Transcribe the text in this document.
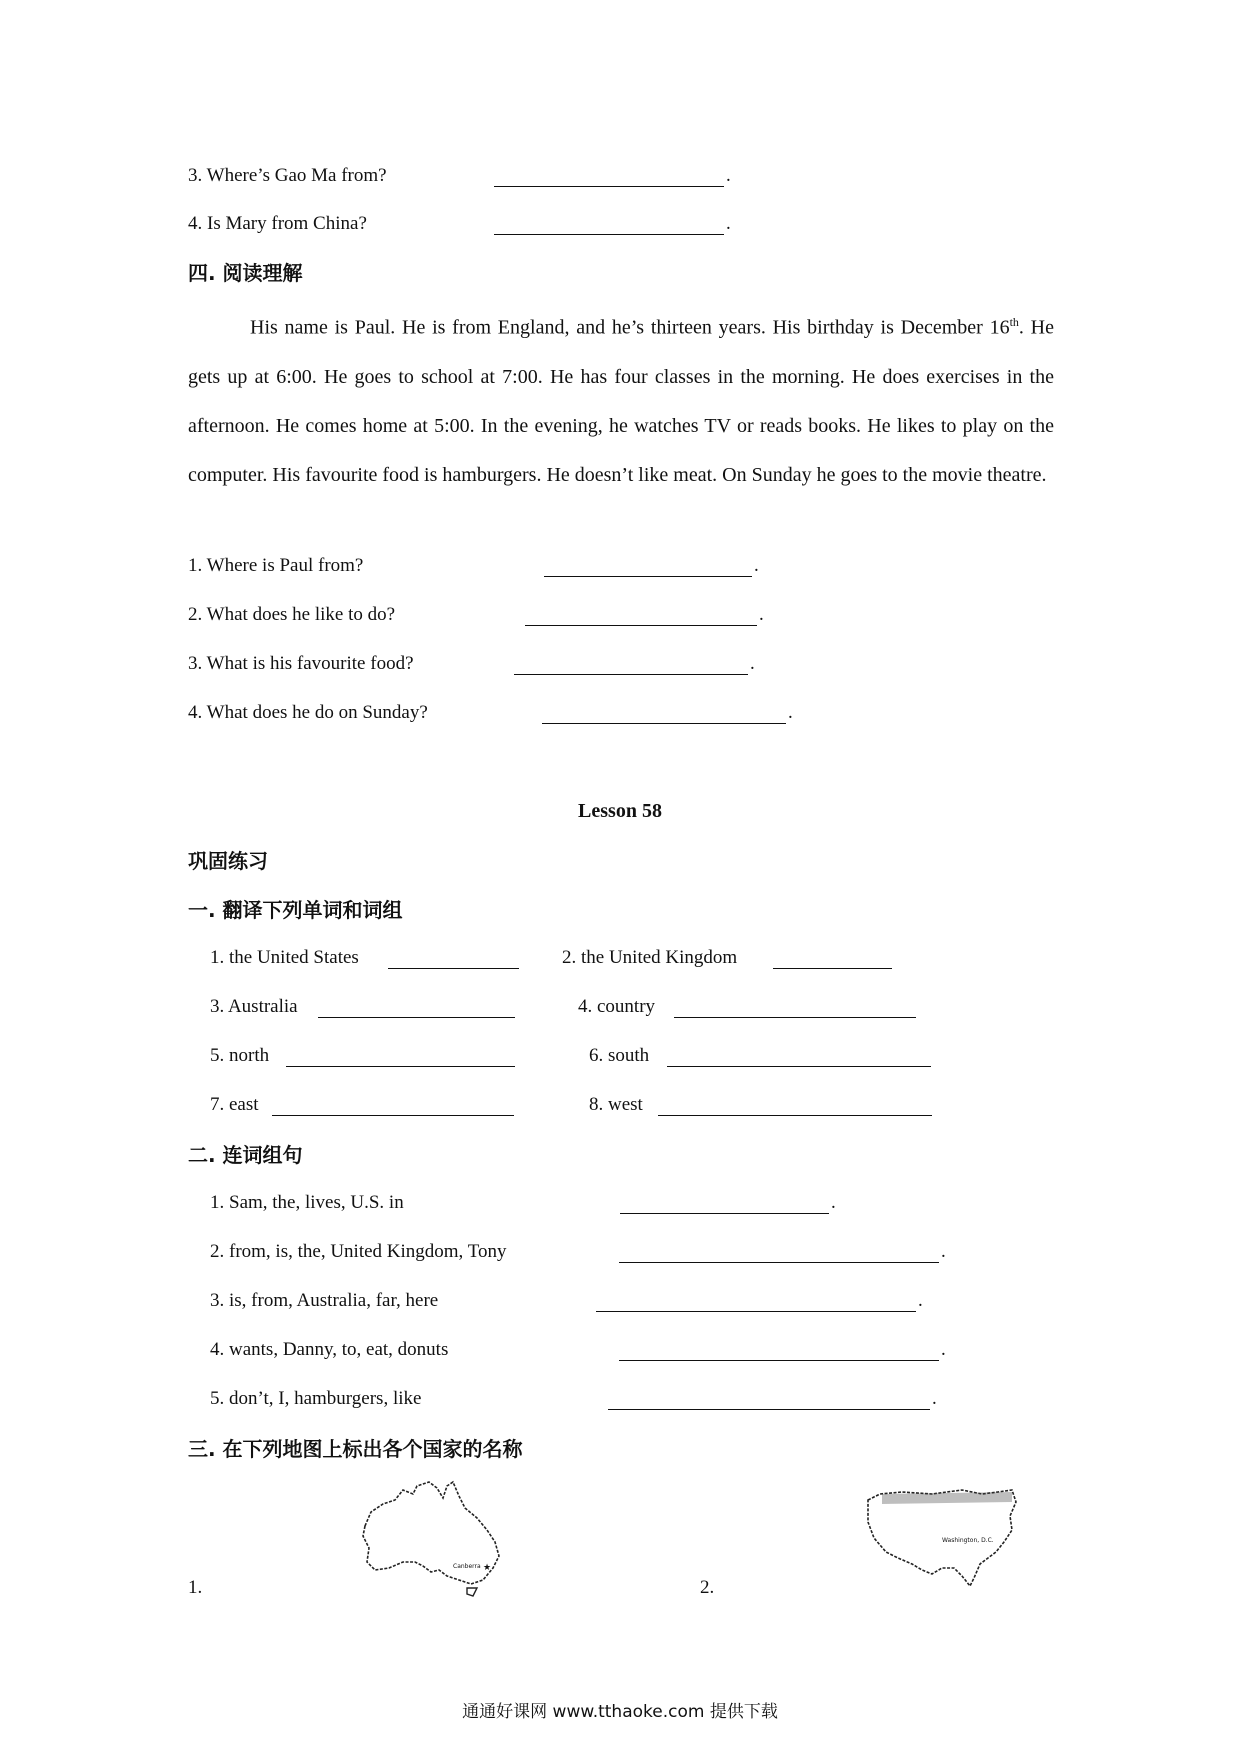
3. Where’s Gao Ma from?	.
4. Is Mary from China?	.
四. 阅读理解

His name is Paul. He is from England, and he’s thirteen years. His birthday is December 16th. He gets up at 6:00. He goes to school at 7:00. He has four classes in the morning. He does exercises in the afternoon. He comes home at 5:00. In the evening, he watches TV or reads books. He likes to play on the computer. His favourite food is hamburgers. He doesn’t like meat. On Sunday he goes to the movie theatre.

1. Where is Paul from?	.
2. What does he like to do?	.
3. What is his favourite food?	.
4. What does he do on Sunday?	.
Lesson 58
巩固练习
一. 翻译下列单词和词组
1. the United States	2. the United Kingdom
3. Australia	4. country
5. north	6. south
7. east	8. west
二. 连词组句
1. Sam, the, lives, U.S. in	.
2. from, is, the, United Kingdom, Tony	.
3. is, from, Australia, far, here	.
4. wants, Danny, to, eat, donuts	.
5. don’t, I, hamburgers, like	.
三. 在下列地图上标出各个国家的名称
Canberra ★
1.
Washington, D.C.
2.
通通好课网 www.tthaoke.com 提供下载
